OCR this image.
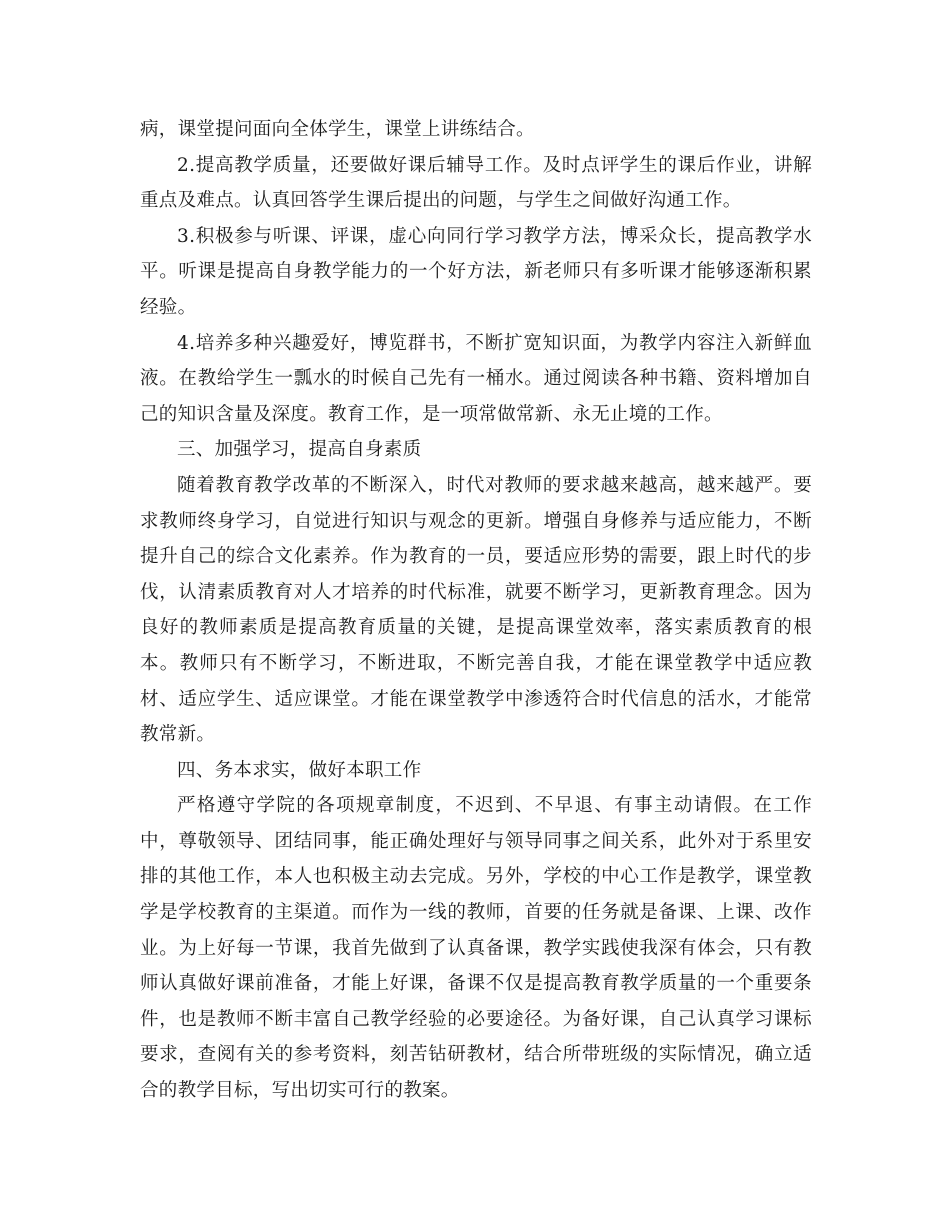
病，课堂提问面向全体学生，课堂上讲练结合。

2.提高教学质量，还要做好课后辅导工作。及时点评学生的课后作业，讲解重点及难点。认真回答学生课后提出的问题，与学生之间做好沟通工作。

3.积极参与听课、评课，虚心向同行学习教学方法，博采众长，提高教学水平。听课是提高自身教学能力的一个好方法，新老师只有多听课才能够逐渐积累经验。

4.培养多种兴趣爱好，博览群书，不断扩宽知识面，为教学内容注入新鲜血液。在教给学生一瓢水的时候自己先有一桶水。通过阅读各种书籍、资料增加自己的知识含量及深度。教育工作，是一项常做常新、永无止境的工作。

三、加强学习，提高自身素质

随着教育教学改革的不断深入，时代对教师的要求越来越高，越来越严。要求教师终身学习，自觉进行知识与观念的更新。增强自身修养与适应能力，不断提升自己的综合文化素养。作为教育的一员，要适应形势的需要，跟上时代的步伐，认清素质教育对人才培养的时代标准，就要不断学习，更新教育理念。因为良好的教师素质是提高教育质量的关键，是提高课堂效率，落实素质教育的根本。教师只有不断学习，不断进取，不断完善自我，才能在课堂教学中适应教材、适应学生、适应课堂。才能在课堂教学中渗透符合时代信息的活水，才能常教常新。

四、务本求实，做好本职工作

严格遵守学院的各项规章制度，不迟到、不早退、有事主动请假。在工作中，尊敬领导、团结同事，能正确处理好与领导同事之间关系，此外对于系里安排的其他工作，本人也积极主动去完成。另外，学校的中心工作是教学，课堂教学是学校教育的主渠道。而作为一线的教师，首要的任务就是备课、上课、改作业。为上好每一节课，我首先做到了认真备课，教学实践使我深有体会，只有教师认真做好课前准备，才能上好课，备课不仅是提高教育教学质量的一个重要条件，也是教师不断丰富自己教学经验的必要途径。为备好课，自己认真学习课标要求，查阅有关的参考资料，刻苦钻研教材，结合所带班级的实际情况，确立适合的教学目标，写出切实可行的教案。
